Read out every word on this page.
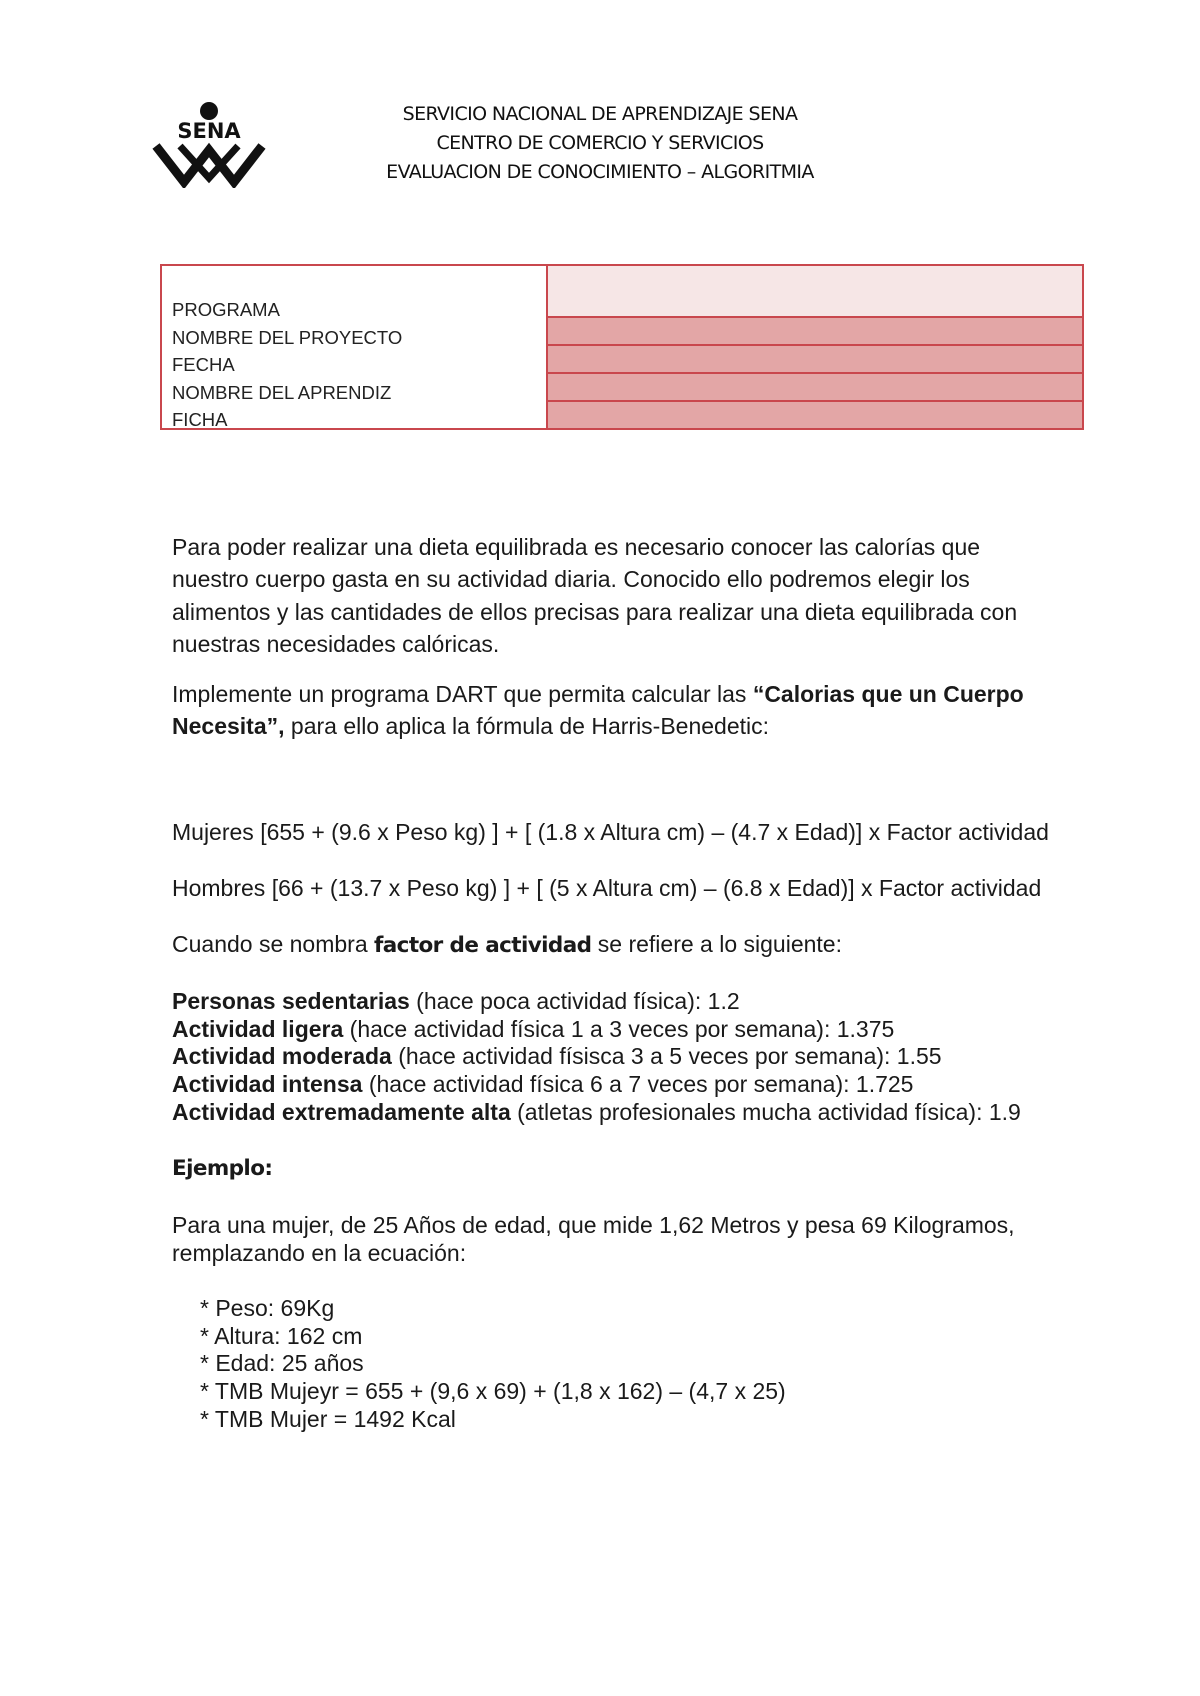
SENA
SERVICIO NACIONAL DE APRENDIZAJE SENA
CENTRO DE COMERCIO Y SERVICIOS
EVALUACION DE CONOCIMIENTO – ALGORITMIA
PROGRAMA
NOMBRE DEL PROYECTO
FECHA
NOMBRE DEL APRENDIZ
FICHA

Para poder realizar una dieta equilibrada es necesario conocer las calorías que nuestro cuerpo gasta en su actividad diaria. Conocido ello podremos elegir los alimentos y las cantidades de ellos precisas para realizar una dieta equilibrada con nuestras necesidades calóricas.

Implemente un programa DART que permita calcular las “Calorias que un Cuerpo Necesita”, para ello aplica la fórmula de Harris-Benedetic:

Mujeres [655 + (9.6 x Peso kg) ] + [ (1.8 x Altura cm) – (4.7 x Edad)] x Factor actividad

Hombres [66 + (13.7 x Peso kg) ] + [ (5 x Altura cm) – (6.8 x Edad)] x Factor actividad

Cuando se nombra factor de actividad se refiere a lo siguiente:

Personas sedentarias (hace poca actividad física): 1.2
Actividad ligera (hace actividad física 1 a 3 veces por semana): 1.375
Actividad moderada (hace actividad físisca 3 a 5 veces por semana): 1.55
Actividad intensa (hace actividad física 6 a 7 veces por semana): 1.725
Actividad extremadamente alta (atletas profesionales mucha actividad física): 1.9
Ejemplo:
Para una mujer, de 25 Años de edad, que mide 1,62 Metros y pesa 69 Kilogramos, remplazando en la ecuación:
* Peso: 69Kg
* Altura: 162 cm
* Edad: 25 años
* TMB Mujeyr = 655 + (9,6 x 69) + (1,8 x 162) – (4,7 x 25)
* TMB Mujer = 1492 Kcal
